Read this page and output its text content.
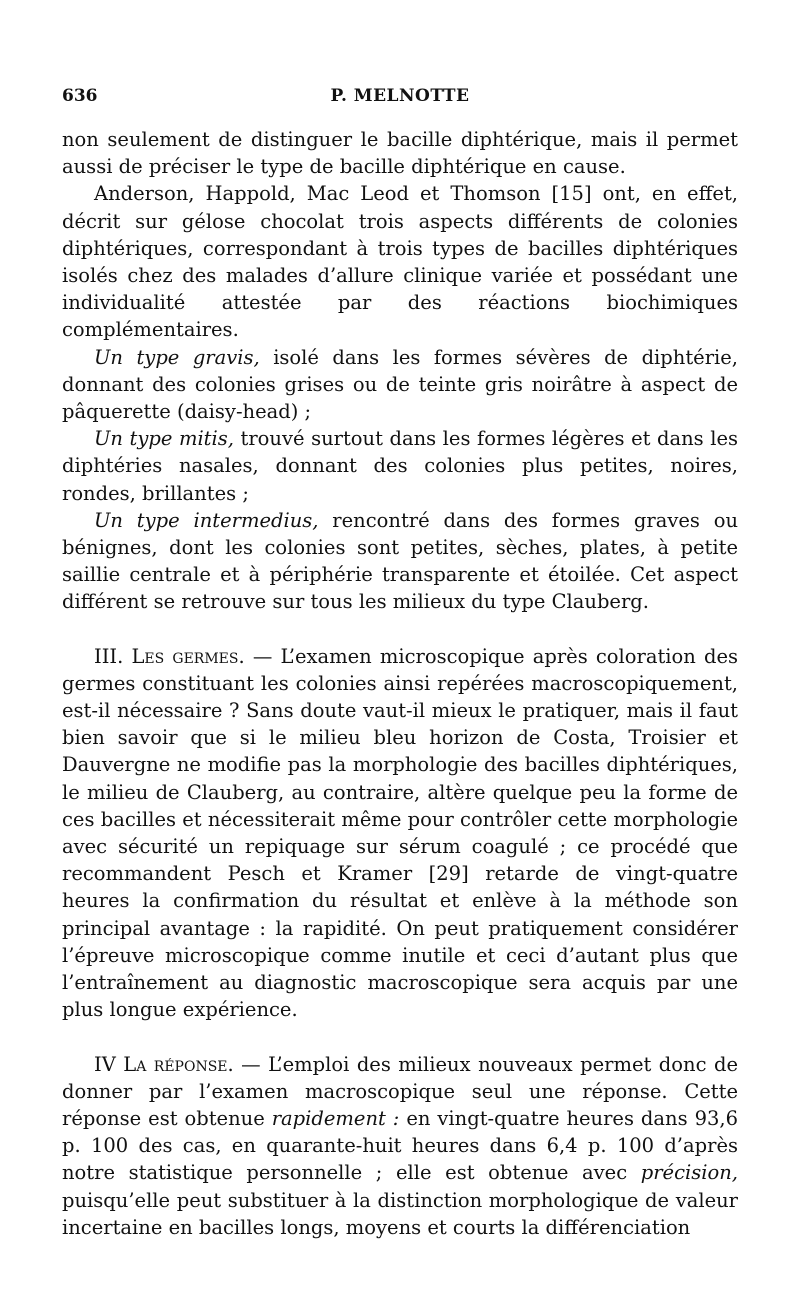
636	P. MELNOTTE

non seulement de distinguer le bacille diphtérique, mais il permet aussi de préciser le type de bacille diphtérique en cause.

Anderson, Happold, Mac Leod et Thomson [15] ont, en effet, décrit sur gélose chocolat trois aspects différents de colonies diphtériques, correspondant à trois types de bacilles diphtériques isolés chez des malades d’allure clinique variée et possédant une individualité attestée par des réactions biochimiques complémentaires.

Un type gravis, isolé dans les formes sévères de diphtérie, donnant des colonies grises ou de teinte gris noirâtre à aspect de pâquerette (daisy-head) ;

Un type mitis, trouvé surtout dans les formes légères et dans les diphtéries nasales, donnant des colonies plus petites, noires, rondes, brillantes ;

Un type intermedius, rencontré dans des formes graves ou bénignes, dont les colonies sont petites, sèches, plates, à petite saillie centrale et à périphérie transparente et étoilée. Cet aspect différent se retrouve sur tous les milieux du type Clauberg.

III. Les germes. — L’examen microscopique après coloration des germes constituant les colonies ainsi repérées macroscopiquement, est-il nécessaire ? Sans doute vaut-il mieux le pratiquer, mais il faut bien savoir que si le milieu bleu horizon de Costa, Troisier et Dauvergne ne modifie pas la morphologie des bacilles diphtériques, le milieu de Clauberg, au contraire, altère quelque peu la forme de ces bacilles et nécessiterait même pour contrôler cette morphologie avec sécurité un repiquage sur sérum coagulé ; ce procédé que recommandent Pesch et Kramer [29] retarde de vingt-quatre heures la confirmation du résultat et enlève à la méthode son principal avantage : la rapidité. On peut pratiquement considérer l’épreuve microscopique comme inutile et ceci d’autant plus que l’entraînement au diagnostic macroscopique sera acquis par une plus longue expérience.

IV La réponse. — L’emploi des milieux nouveaux permet donc de donner par l’examen macroscopique seul une réponse. Cette réponse est obtenue rapidement : en vingt-quatre heures dans 93,6 p. 100 des cas, en quarante-huit heures dans 6,4 p. 100 d’après notre statistique personnelle ; elle est obtenue avec précision, puisqu’elle peut substituer à la distinction morphologique de valeur incertaine en bacilles longs, moyens et courts la différenciation
